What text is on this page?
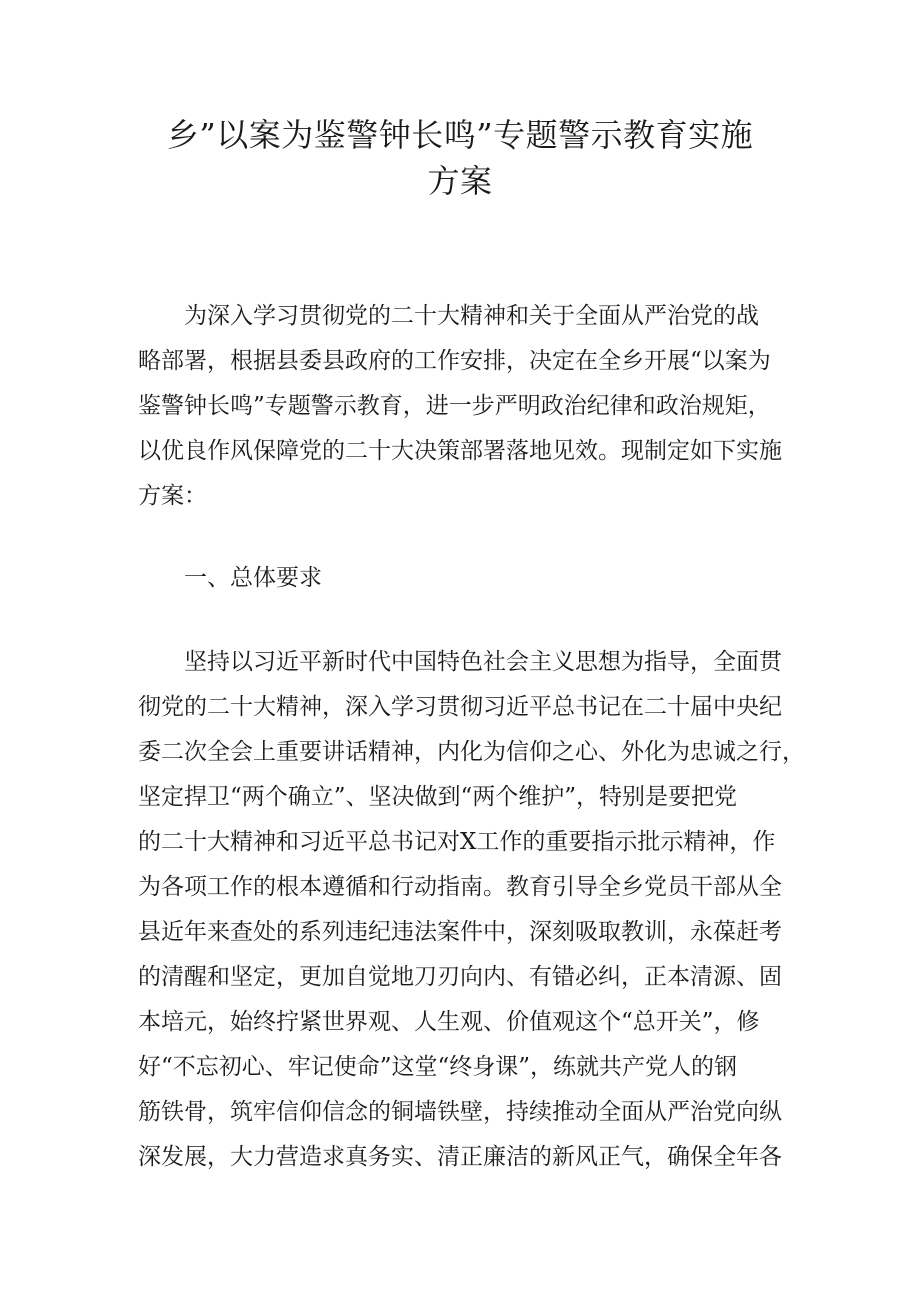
乡”以案为鉴警钟长鸣”专题警示教育实施
方案
为深入学习贯彻党的二十大精神和关于全面从严治党的战
略部署，根据县委县政府的工作安排，决定在全乡开展“以案为
鉴警钟长鸣”专题警示教育，进一步严明政治纪律和政治规矩，
以优良作风保障党的二十大决策部署落地见效。现制定如下实施
方案：
一、总体要求
坚持以习近平新时代中国特色社会主义思想为指导，全面贯
彻党的二十大精神，深入学习贯彻习近平总书记在二十届中央纪
委二次全会上重要讲话精神，内化为信仰之心、外化为忠诚之行，
坚定捍卫“两个确立”、坚决做到“两个维护”，特别是要把党
的二十大精神和习近平总书记对X工作的重要指示批示精神，作
为各项工作的根本遵循和行动指南。教育引导全乡党员干部从全
县近年来查处的系列违纪违法案件中，深刻吸取教训，永葆赶考
的清醒和坚定，更加自觉地刀刃向内、有错必纠，正本清源、固
本培元，始终拧紧世界观、人生观、价值观这个“总开关”，修
好“不忘初心、牢记使命”这堂“终身课”，练就共产党人的钢
筋铁骨，筑牢信仰信念的铜墙铁壁，持续推动全面从严治党向纵
深发展，大力营造求真务实、清正廉洁的新风正气，确保全年各
